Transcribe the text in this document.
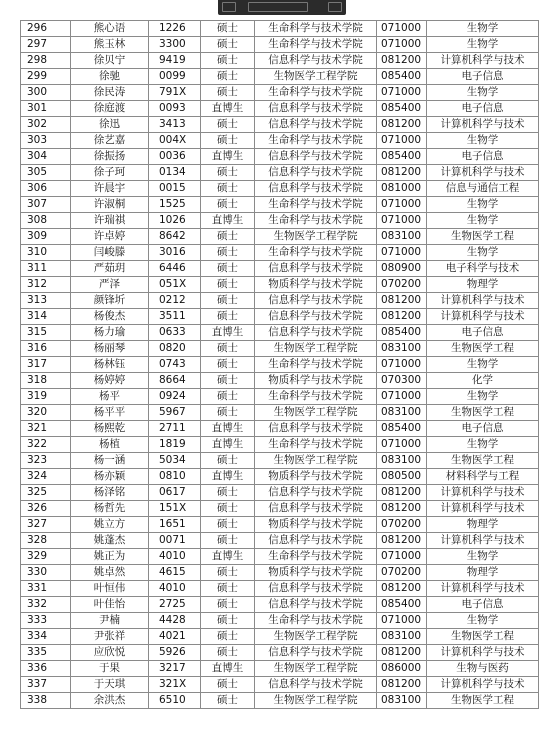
296	熊心语	1226	硕士	生命科学与技术学院	071000	生物学
297	熊玉林	3300	硕士	生命科学与技术学院	071000	生物学
298	徐贝宁	9419	硕士	信息科学与技术学院	081200	计算机科学与技术
299	徐驰	0099	硕士	生物医学工程学院	085400	电子信息
300	徐民涛	791X	硕士	生命科学与技术学院	071000	生物学
301	徐庭渡	0093	直博生	信息科学与技术学院	085400	电子信息
302	徐迅	3413	硕士	信息科学与技术学院	081200	计算机科学与技术
303	徐艺嘉	004X	硕士	生命科学与技术学院	071000	生物学
304	徐振扬	0036	直博生	信息科学与技术学院	085400	电子信息
305	徐子珂	0134	硕士	信息科学与技术学院	081200	计算机科学与技术
306	许晨宇	0015	硕士	信息科学与技术学院	081000	信息与通信工程
307	许淑桐	1525	硕士	生命科学与技术学院	071000	生物学
308	许瑞祺	1026	直博生	生命科学与技术学院	071000	生物学
309	许卓婷	8642	硕士	生物医学工程学院	083100	生物医学工程
310	闫峻滕	3016	硕士	生命科学与技术学院	071000	生物学
311	严茹玥	6446	硕士	信息科学与技术学院	080900	电子科学与技术
312	严泽	051X	硕士	物质科学与技术学院	070200	物理学
313	颜锋圻	0212	硕士	信息科学与技术学院	081200	计算机科学与技术
314	杨俊杰	3511	硕士	信息科学与技术学院	081200	计算机科学与技术
315	杨力瑜	0633	直博生	信息科学与技术学院	085400	电子信息
316	杨丽琴	0820	硕士	生物医学工程学院	083100	生物医学工程
317	杨林钰	0743	硕士	生命科学与技术学院	071000	生物学
318	杨婷婷	8664	硕士	物质科学与技术学院	070300	化学
319	杨平	0924	硕士	生命科学与技术学院	071000	生物学
320	杨平平	5967	硕士	生物医学工程学院	083100	生物医学工程
321	杨熙乾	2711	直博生	信息科学与技术学院	085400	电子信息
322	杨植	1819	直博生	生命科学与技术学院	071000	生物学
323	杨一涵	5034	硕士	生物医学工程学院	083100	生物医学工程
324	杨亦颖	0810	直博生	物质科学与技术学院	080500	材料科学与工程
325	杨泽铭	0617	硕士	信息科学与技术学院	081200	计算机科学与技术
326	杨哲先	151X	硕士	信息科学与技术学院	081200	计算机科学与技术
327	姚立方	1651	硕士	物质科学与技术学院	070200	物理学
328	姚蓬杰	0071	硕士	信息科学与技术学院	081200	计算机科学与技术
329	姚正为	4010	直博生	生命科学与技术学院	071000	生物学
330	姚卓然	4615	硕士	物质科学与技术学院	070200	物理学
331	叶恒伟	4010	硕士	信息科学与技术学院	081200	计算机科学与技术
332	叶佳怡	2725	硕士	信息科学与技术学院	085400	电子信息
333	尹楠	4428	硕士	生命科学与技术学院	071000	生物学
334	尹张祥	4021	硕士	生物医学工程学院	083100	生物医学工程
335	应欣悦	5926	硕士	信息科学与技术学院	081200	计算机科学与技术
336	于果	3217	直博生	生物医学工程学院	086000	生物与医药
337	于天琪	321X	硕士	信息科学与技术学院	081200	计算机科学与技术
338	余洪杰	6510	硕士	生物医学工程学院	083100	生物医学工程
